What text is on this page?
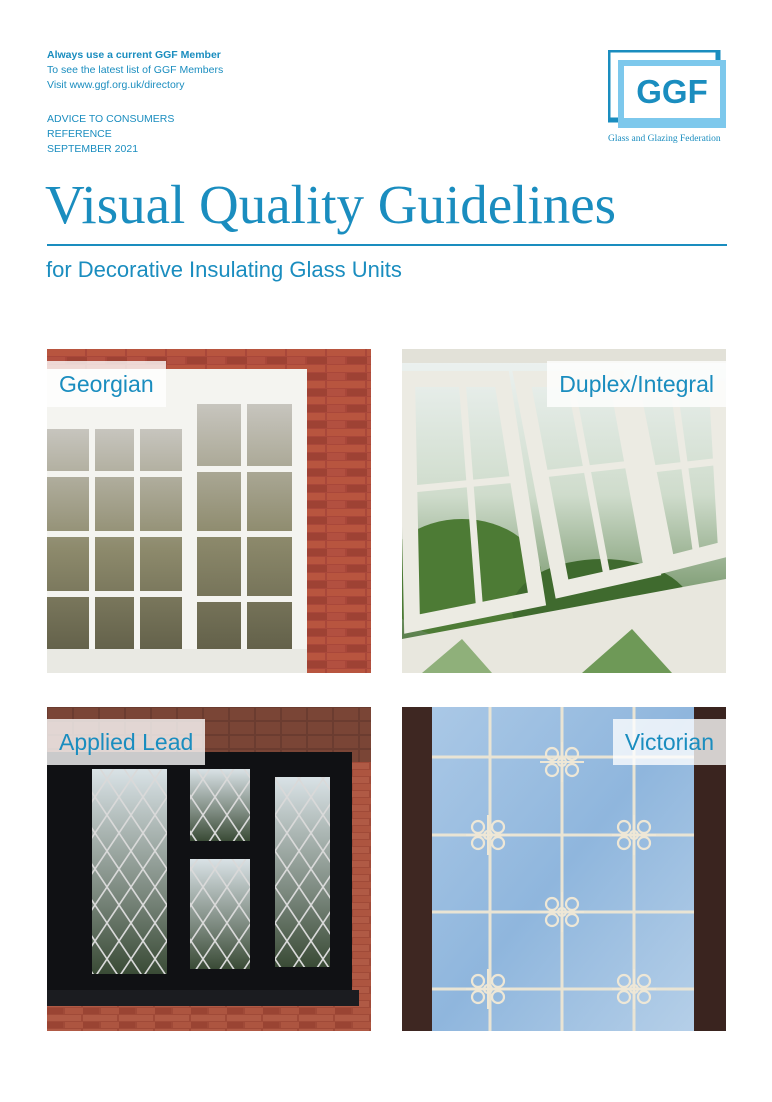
Always use a current GGF Member
To see the latest list of GGF Members
Visit www.ggf.org.uk/directory
ADVICE TO CONSUMERS
REFERENCE
SEPTEMBER 2021
GGF
Glass and Glazing Federation
Visual Quality Guidelines
for Decorative Insulating Glass Units
Georgian	Duplex/Integral
Applied Lead	Victorian
